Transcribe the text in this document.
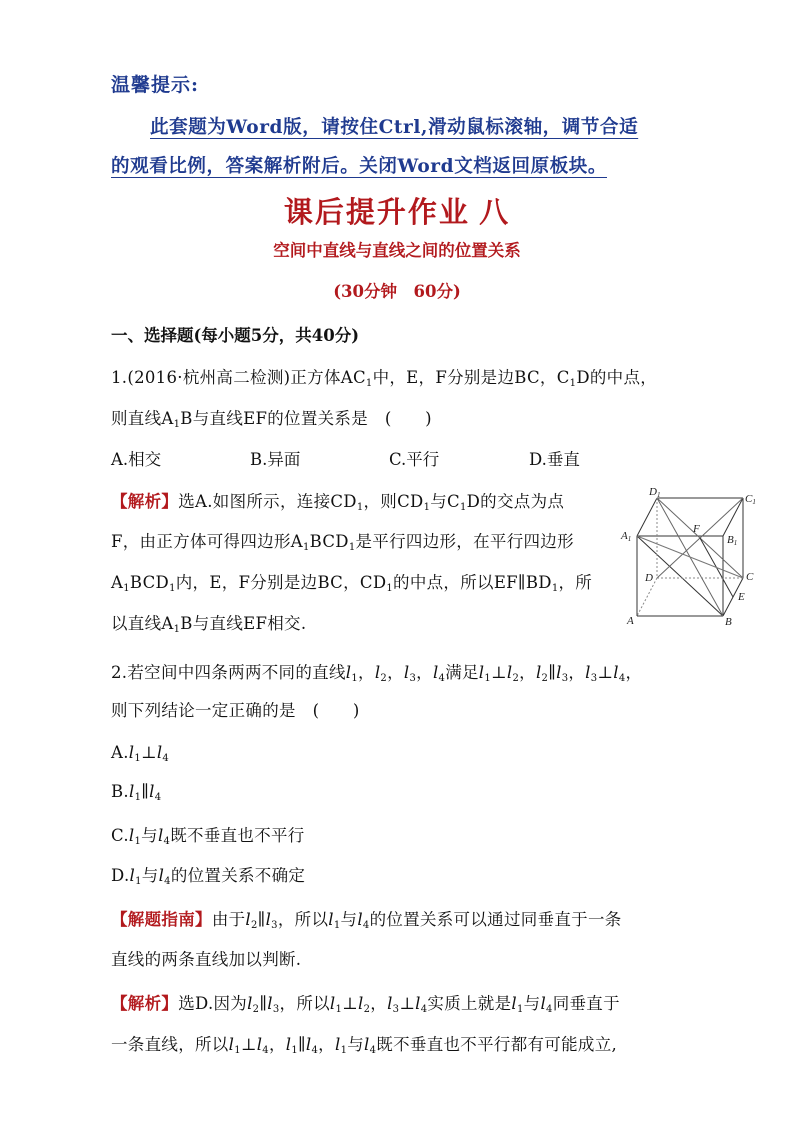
温馨提示:
此套题为Word版，请按住Ctrl,滑动鼠标滚轴，调节合适
的观看比例，答案解析附后。关闭Word文档返回原板块。
课后提升作业 八
空间中直线与直线之间的位置关系
(30分钟　60分)
一、选择题(每小题5分，共40分)
1.(2016·杭州高二检测)正方体$AC_1$中，E，F分别是边BC，$C_1D$的中点，
则直线$A_1B$与直线EF的位置关系是　(　　)
A.相交	B.异面	C.平行	D.垂直
【解析】选A.如图所示，连接$CD_1$，则$CD_1$与$C_1D$的交点为点
F，由正方体可得四边形$A_1BCD_1$是平行四边形，在平行四边形
$A_1BCD_1$内，E，F分别是边BC，$CD_1$的中点，所以$EF\parallel BD_1$，所
以直线$A_1B$与直线EF相交.
D1	C1
A1	B1
F
D	C
E
A	B
2.若空间中四条两两不同的直线$l_1$，$l_2$，$l_3$，$l_4$满足$l_1\perp l_2$，$l_2\parallel l_3$，$l_3\perp l_4$，
则下列结论一定正确的是　(　　)
$A.l_1\perp l_4$
$B.l_1\parallel l_4$
$C.l_1$与$l_4$既不垂直也不平行
$D.l_1$与$l_4$的位置关系不确定
【解题指南】由于$l_2\parallel l_3$，所以$l_1$与$l_4$的位置关系可以通过同垂直于一条
直线的两条直线加以判断.
【解析】选D.因为$l_2\parallel l_3$，所以$l_1\perp l_2$，$l_3\perp l_4$实质上就是$l_1$与$l_4$同垂直于
一条直线，所以$l_1\perp l_4$，$l_1\parallel l_4$，$l_1$与$l_4$既不垂直也不平行都有可能成立,
